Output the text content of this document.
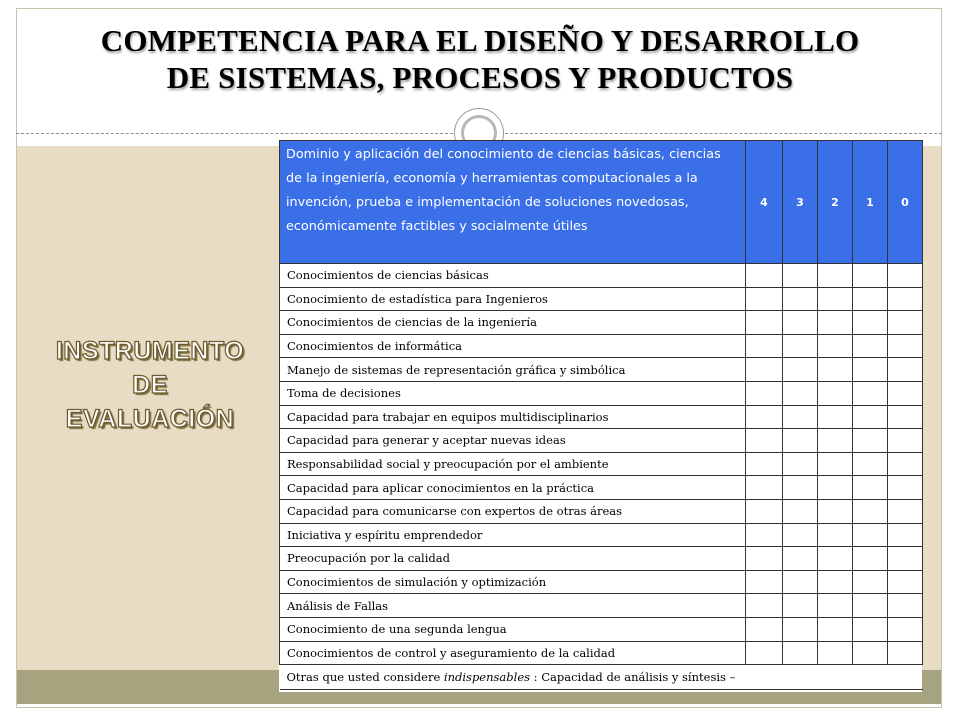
COMPETENCIA PARA EL DISEÑO Y DESARROLLO
DE SISTEMAS, PROCESOS Y PRODUCTOS
INSTRUMENTO
DE
EVALUACIÓN
Dominio y aplicación del conocimiento de ciencias básicas, ciencias de la ingeniería, economía y herramientas computacionales a la invención, prueba e implementación de soluciones novedosas, económicamente factibles y socialmente útiles	4	3	2	1	0
Conocimientos de ciencias básicas					
Conocimiento de estadística para Ingenieros					
Conocimientos de ciencias de la ingeniería					
Conocimientos de informática					
Manejo de sistemas de representación gráfica y simbólica					
Toma de decisiones					
Capacidad para trabajar en equipos multidisciplinarios					
Capacidad para generar y aceptar nuevas ideas					
Responsabilidad social y preocupación por el ambiente					
Capacidad para aplicar conocimientos en la práctica					
Capacidad para comunicarse con expertos de otras áreas					
Iniciativa y espíritu emprendedor					
Preocupación por la calidad					
Conocimientos de simulación y optimización					
Análisis de Fallas					
Conocimiento de una segunda lengua					
Conocimientos de control y aseguramiento de la calidad					
Otras que usted considere indispensables : Capacidad de análisis y síntesis –					
